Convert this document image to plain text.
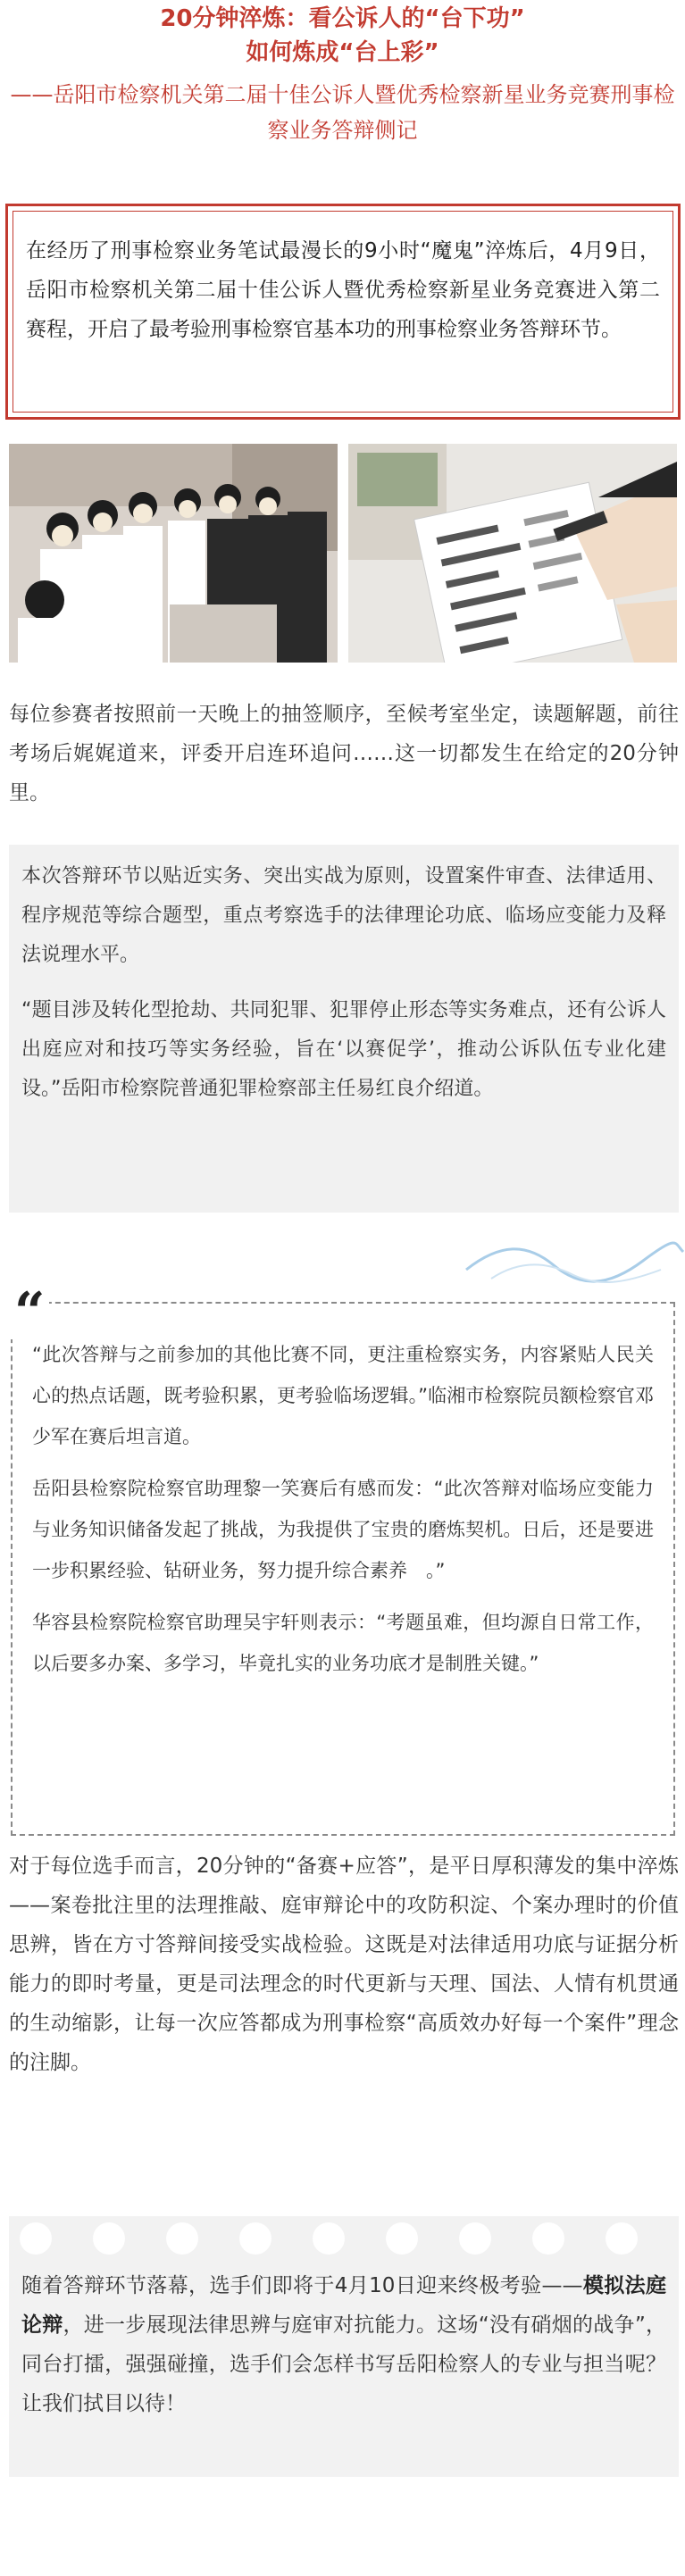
20分钟淬炼：看公诉人的“台下功”
如何炼成“台上彩”
——岳阳市检察机关第二届十佳公诉人暨优秀检察新星业务竞赛刑事检察业务答辩侧记
在经历了刑事检察业务笔试最漫长的9小时“魔鬼”淬炼后，4月9日，岳阳市检察机关第二届十佳公诉人暨优秀检察新星业务竞赛进入第二赛程，开启了最考验刑事检察官基本功的刑事检察业务答辩环节。
每位参赛者按照前一天晚上的抽签顺序，至候考室坐定，读题解题，前往考场后娓娓道来，评委开启连环追问……这一切都发生在给定的20分钟里。

本次答辩环节以贴近实务、突出实战为原则，设置案件审查、法律适用、程序规范等综合题型，重点考察选手的法律理论功底、临场应变能力及释法说理水平。

“题目涉及转化型抢劫、共同犯罪、犯罪停止形态等实务难点，还有公诉人出庭应对和技巧等实务经验，旨在‘以赛促学’，推动公诉队伍专业化建设。”岳阳市检察院普通犯罪检察部主任易红良介绍道。

“此次答辩与之前参加的其他比赛不同，更注重检察实务，内容紧贴人民关心的热点话题，既考验积累，更考验临场逻辑。”临湘市检察院员额检察官邓少军在赛后坦言道。

岳阳县检察院检察官助理黎一笑赛后有感而发：“此次答辩对临场应变能力与业务知识储备发起了挑战，为我提供了宝贵的磨炼契机。日后，还是要进一步积累经验、钻研业务，努力提升综合素养　。”

华容县检察院检察官助理吴宇轩则表示：“考题虽难，但均源自日常工作，以后要多办案、多学习，毕竟扎实的业务功底才是制胜关键。”

“
对于每位选手而言，20分钟的“备赛+应答”，是平日厚积薄发的集中淬炼——案卷批注里的法理推敲、庭审辩论中的攻防积淀、个案办理时的价值思辨，皆在方寸答辩间接受实战检验。这既是对法律适用功底与证据分析能力的即时考量，更是司法理念的时代更新与天理、国法、人情有机贯通的生动缩影，让每一次应答都成为刑事检察“高质效办好每一个案件”理念的注脚。
随着答辩环节落幕，选手们即将于4月10日迎来终极考验——模拟法庭论辩，进一步展现法律思辨与庭审对抗能力。这场“没有硝烟的战争”，同台打擂，强强碰撞，选手们会怎样书写岳阳检察人的专业与担当呢？让我们拭目以待！
